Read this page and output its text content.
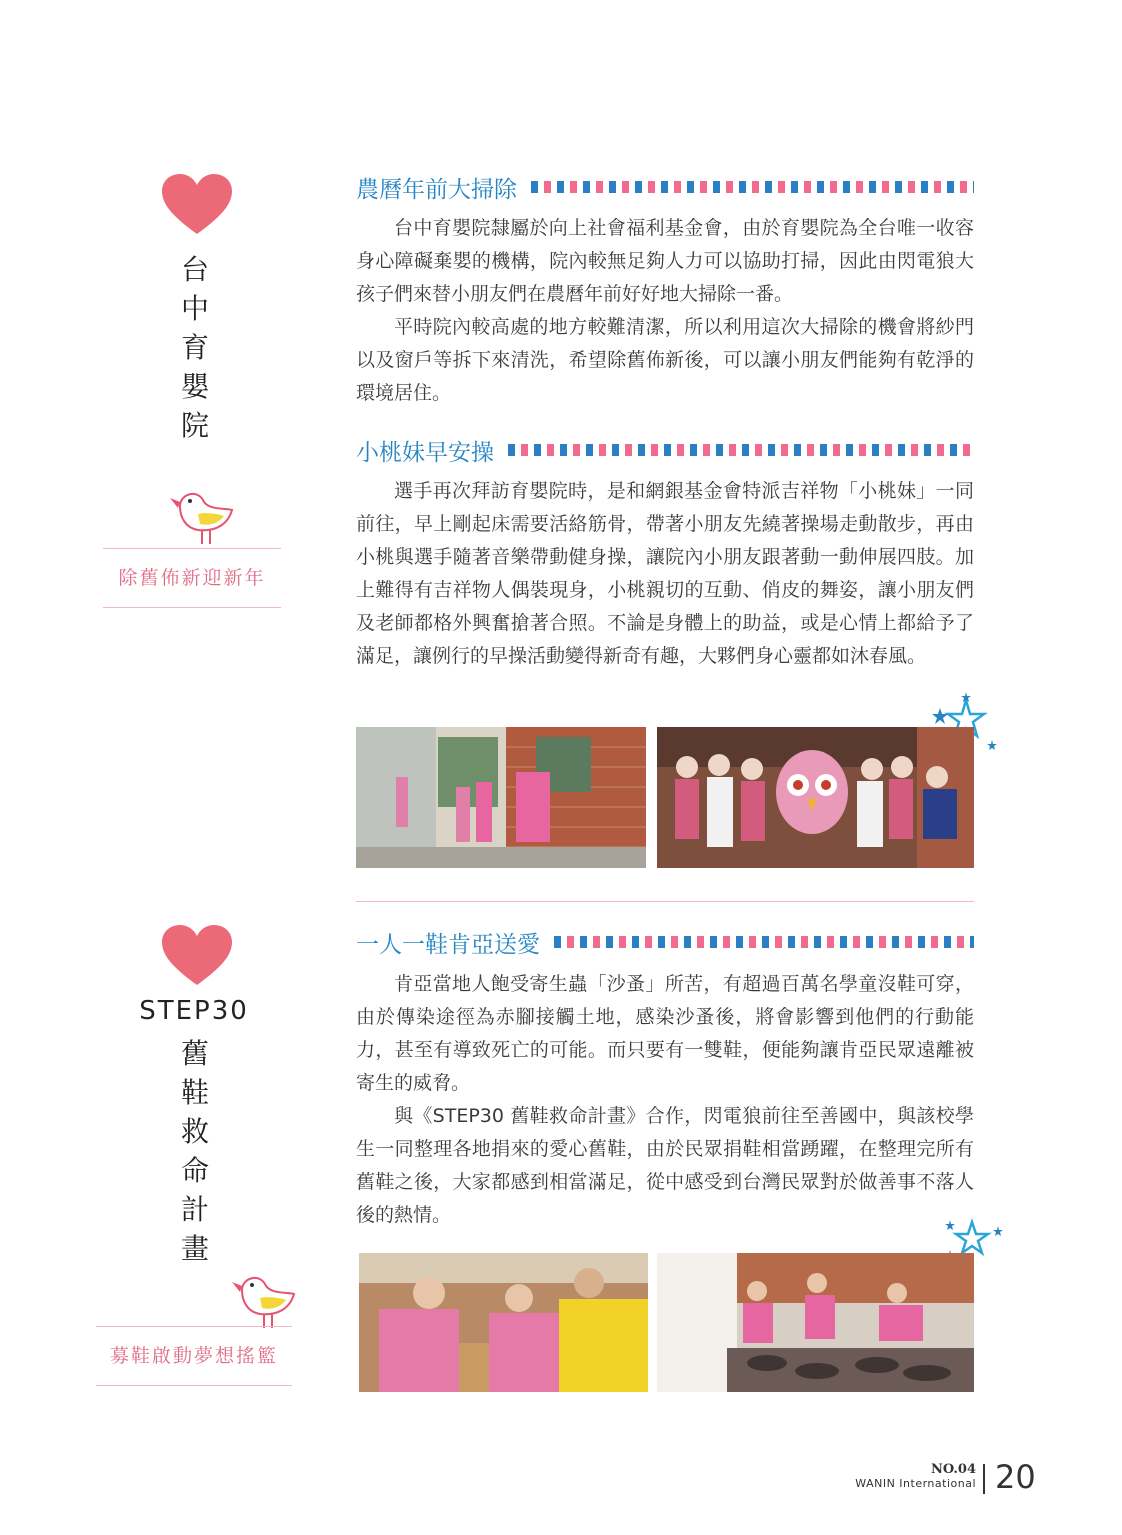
台中育嬰院
除舊佈新迎新年
STEP30
舊鞋救命計畫
募鞋啟動夢想搖籃
農曆年前大掃除

台中育嬰院隸屬於向上社會福利基金會，由於育嬰院為全台唯一收容身心障礙棄嬰的機構，院內較無足夠人力可以協助打掃，因此由閃電狼大孩子們來替小朋友們在農曆年前好好地大掃除一番。

平時院內較高處的地方較難清潔，所以利用這次大掃除的機會將紗門以及窗戶等拆下來清洗，希望除舊佈新後，可以讓小朋友們能夠有乾淨的環境居住。

小桃妹早安操

選手再次拜訪育嬰院時，是和網銀基金會特派吉祥物「小桃妹」一同前往，早上剛起床需要活絡筋骨，帶著小朋友先繞著操場走動散步，再由小桃與選手隨著音樂帶動健身操，讓院內小朋友跟著動一動伸展四肢。加上難得有吉祥物人偶裝現身，小桃親切的互動、俏皮的舞姿，讓小朋友們及老師都格外興奮搶著合照。不論是身體上的助益，或是心情上都給予了滿足，讓例行的早操活動變得新奇有趣，大夥們身心靈都如沐春風。

一人一鞋肯亞送愛

肯亞當地人飽受寄生蟲「沙蚤」所苦，有超過百萬名學童沒鞋可穿，由於傳染途徑為赤腳接觸土地，感染沙蚤後，將會影響到他們的行動能力，甚至有導致死亡的可能。而只要有一雙鞋，便能夠讓肯亞民眾遠離被寄生的威脅。

與《STEP30 舊鞋救命計畫》合作，閃電狼前往至善國中，與該校學生一同整理各地捐來的愛心舊鞋，由於民眾捐鞋相當踴躍，在整理完所有舊鞋之後，大家都感到相當滿足，從中感受到台灣民眾對於做善事不落人後的熱情。

NO.04
WANIN International 20
